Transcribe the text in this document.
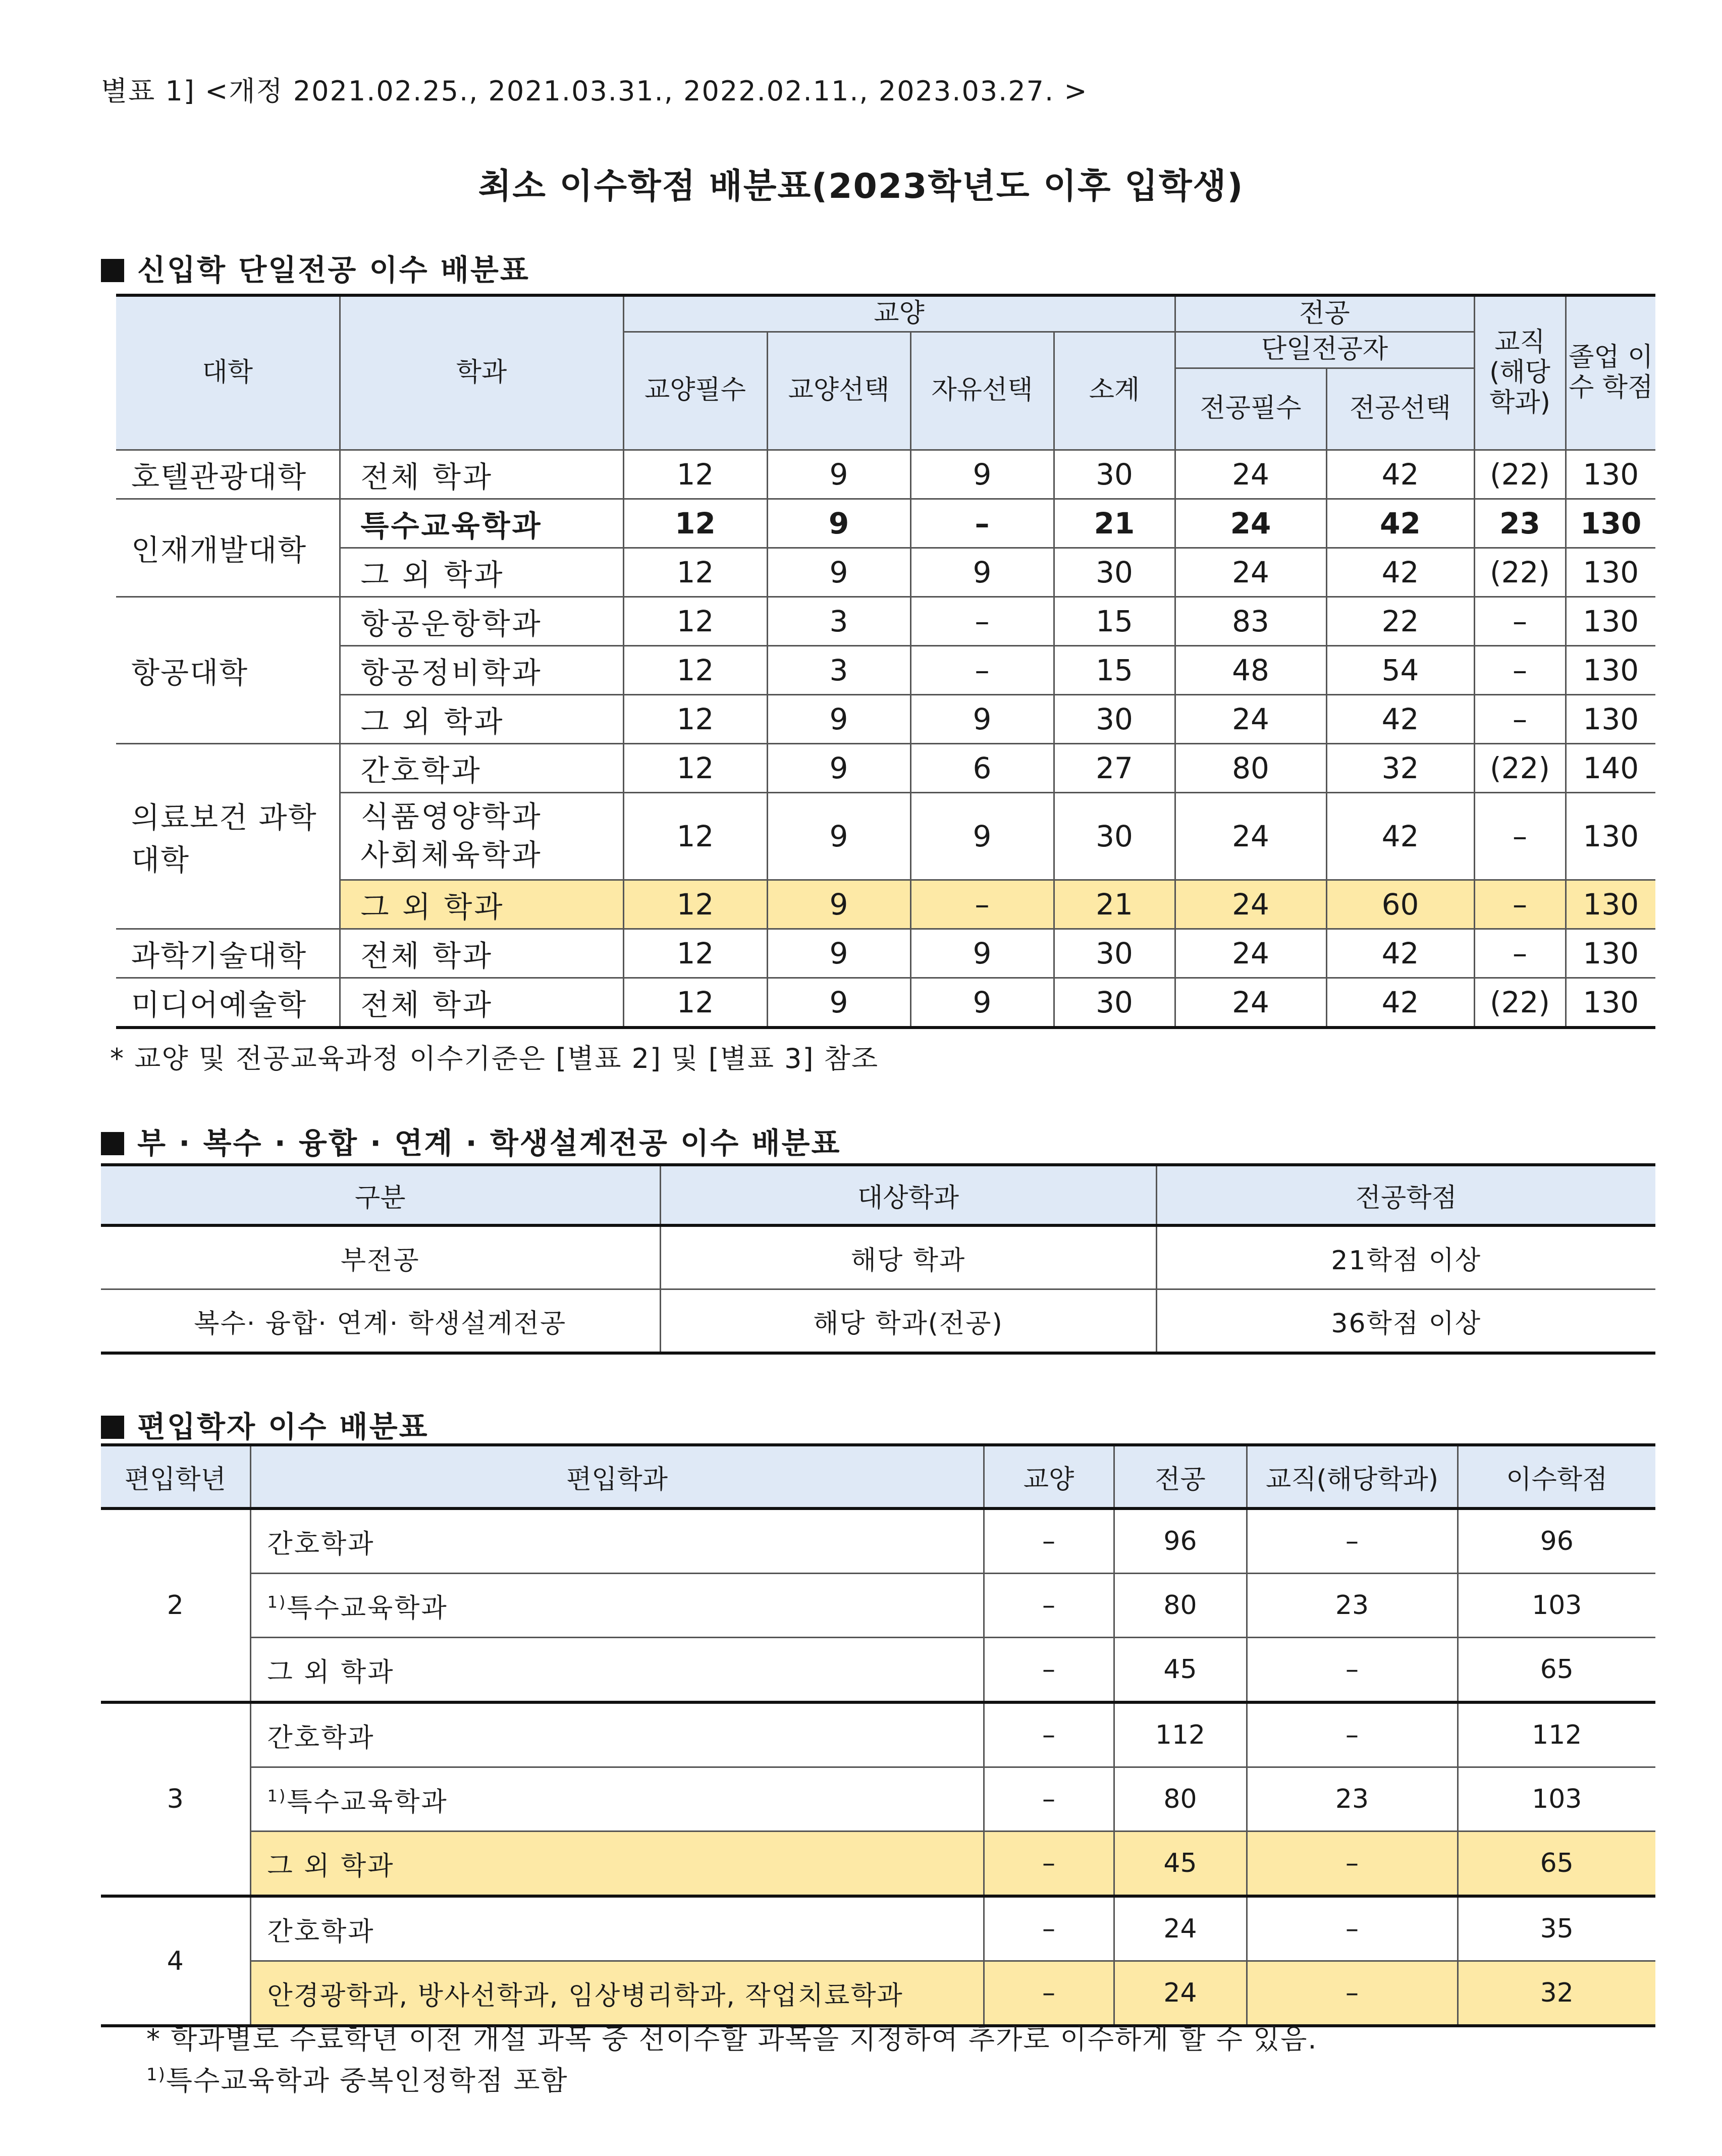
별표 1] <개정 2021.02.25., 2021.03.31., 2022.02.11., 2023.03.27. >
최소 이수학점 배분표(2023학년도 이후 입학생)
신입학 단일전공 이수 배분표
대학	학과	교양				전공		교직 (해당 학과)	졸업 이수 학점
		교양필수	교양선택	자유선택	소계	단일전공자			
						전공필수	전공선택		
호텔관광대학	전체 학과	12	9	9	30	24	42	(22)	130
인재개발대학	특수교육학과	12	9	–	21	24	42	23	130
	그 외 학과	12	9	9	30	24	42	(22)	130
항공대학	항공운항학과	12	3	–	15	83	22	–	130
	항공정비학과	12	3	–	15	48	54	–	130
	그 외 학과	12	9	9	30	24	42	–	130
의료보건 과학대학	간호학과	12	9	6	27	80	32	(22)	140
	식품영양학과 사회체육학과	12	9	9	30	24	42	–	130
	그 외 학과	12	9	–	21	24	60	–	130
과학기술대학	전체 학과	12	9	9	30	24	42	–	130
미디어예술학	전체 학과	12	9	9	30	24	42	(22)	130
* 교양 및 전공교육과정 이수기준은 [별표 2] 및 [별표 3] 참조
부 · 복수 · 융합 · 연계 · 학생설계전공 이수 배분표
구분	대상학과	전공학점
부전공	해당 학과	21학점 이상
복수· 융합· 연계· 학생설계전공	해당 학과(전공)	36학점 이상
편입학자 이수 배분표
편입학년	편입학과	교양	전공	교직(해당학과)	이수학점
2	간호학과	–	96	–	96
	$^{1)}$특수교육학과	–	80	23	103
	그 외 학과	–	45	–	65
3	간호학과	–	112	–	112
	$^{1)}$특수교육학과	–	80	23	103
	그 외 학과	–	45	–	65
4	간호학과	–	24	–	35
	안경광학과, 방사선학과, 임상병리학과, 작업치료학과	–	24	–	32
* 학과별로 수료학년 이전 개설 과목 중 선이수할 과목을 지정하여 추가로 이수하게 할 수 있음.
$^{1)}$특수교육학과 중복인정학점 포함
